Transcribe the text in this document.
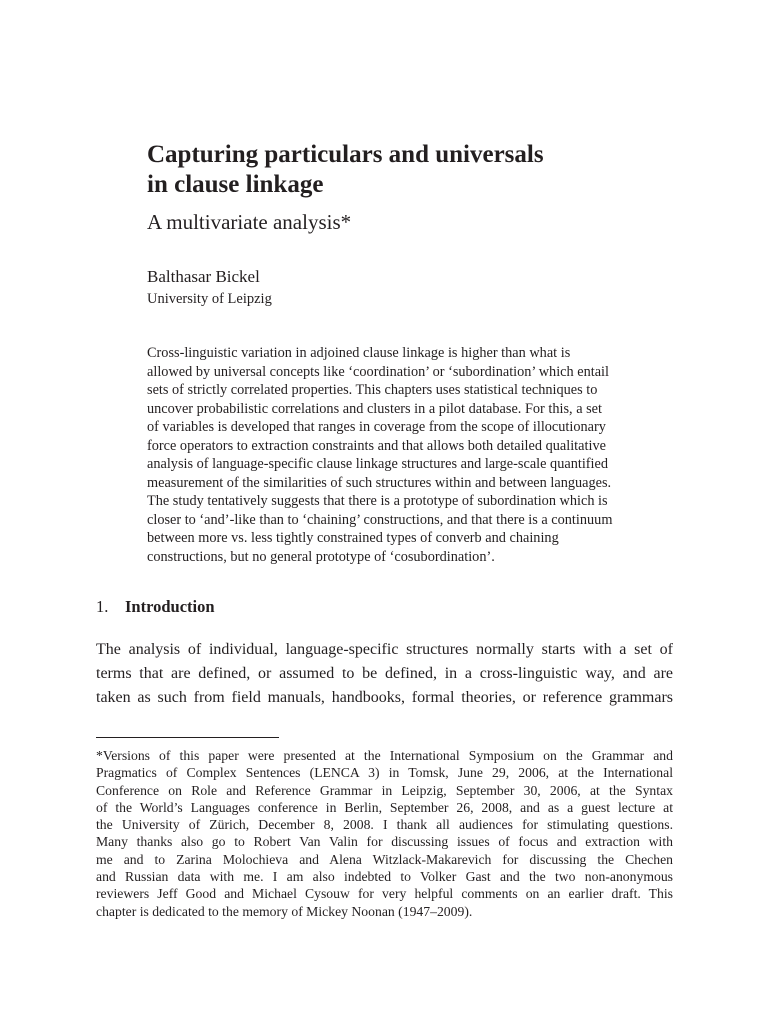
Capturing particulars and universals
in clause linkage
A multivariate analysis*
Balthasar Bickel
University of Leipzig
Cross-linguistic variation in adjoined clause linkage is higher than what is
allowed by universal concepts like ‘coordination’ or ‘subordination’ which entail
sets of strictly correlated properties. This chapters uses statistical techniques to
uncover probabilistic correlations and clusters in a pilot database. For this, a set
of variables is developed that ranges in coverage from the scope of illocutionary
force operators to extraction constraints and that allows both detailed qualitative
analysis of language-specific clause linkage structures and large-scale quantified
measurement of the similarities of such structures within and between languages.
The study tentatively suggests that there is a prototype of subordination which is
closer to ‘and’-like than to ‘chaining’ constructions, and that there is a continuum
between more vs. less tightly constrained types of converb and chaining
constructions, but no general prototype of ‘cosubordination’.
1. Introduction
The analysis of individual, language-specific structures normally starts with a set of
terms that are defined, or assumed to be defined, in a cross-linguistic way, and are
taken as such from field manuals, handbooks, formal theories, or reference grammars
*Versions of this paper were presented at the International Symposium on the Grammar and
Pragmatics of Complex Sentences (LENCA 3) in Tomsk, June 29, 2006, at the International
Conference on Role and Reference Grammar in Leipzig, September 30, 2006, at the Syntax
of the World’s Languages conference in Berlin, September 26, 2008, and as a guest lecture at
the University of Zürich, December 8, 2008. I thank all audiences for stimulating questions.
Many thanks also go to Robert Van Valin for discussing issues of focus and extraction with
me and to Zarina Molochieva and Alena Witzlack-Makarevich for discussing the Chechen
and Russian data with me. I am also indebted to Volker Gast and the two non-anonymous
reviewers Jeff Good and Michael Cysouw for very helpful comments on an earlier draft. This
chapter is dedicated to the memory of Mickey Noonan (1947–2009).
